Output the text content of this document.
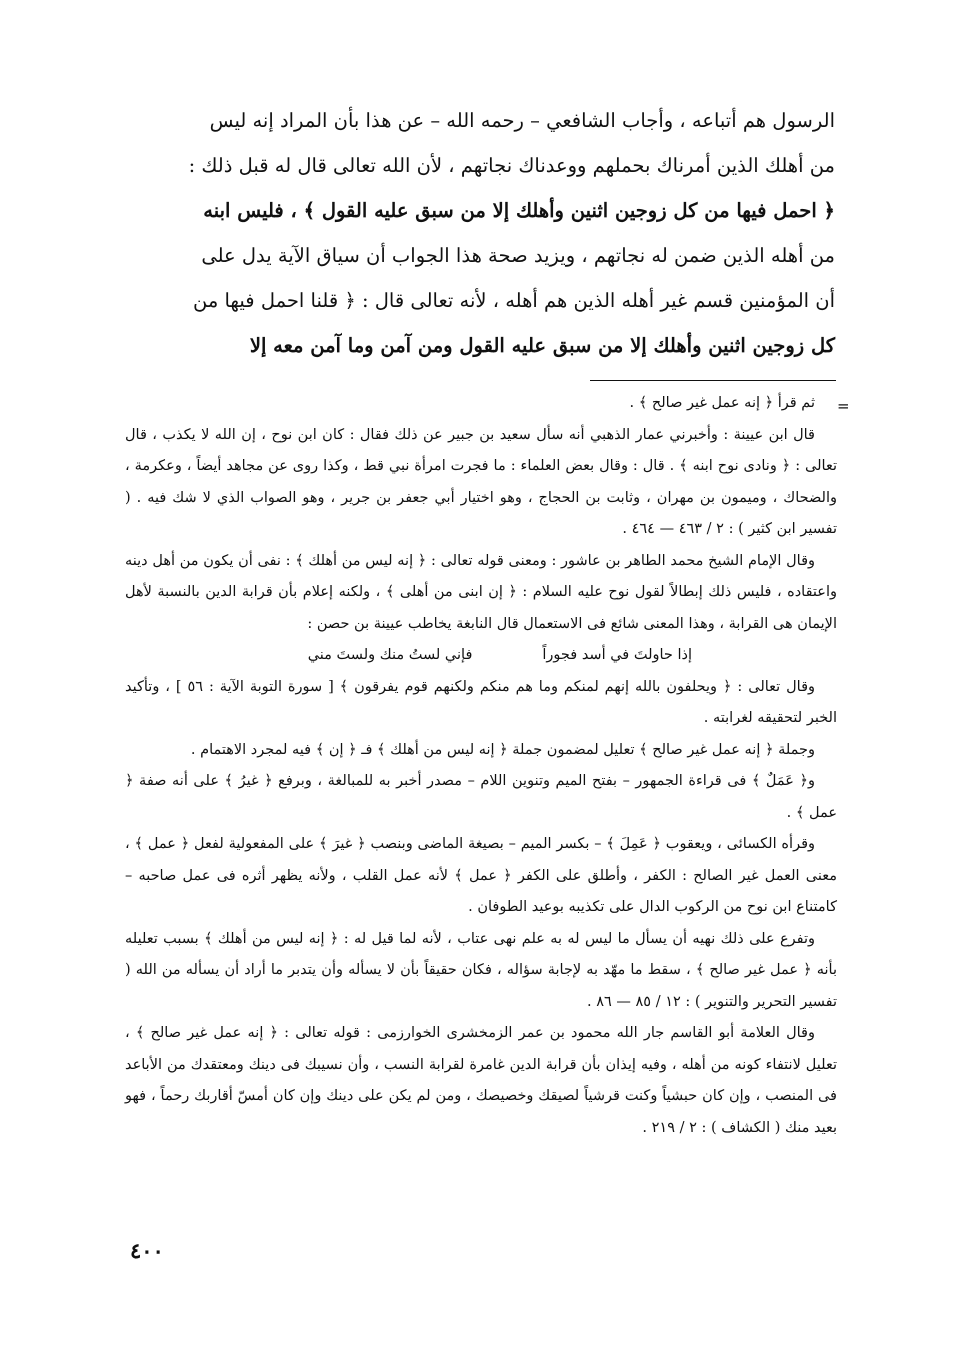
الرسول هم أتباعه ، وأجاب الشافعي – رحمه الله – عن هذا بأن المراد إنه ليس

من أهلك الذين أمرناك بحملهم ووعدناك نجاتهم ، لأن الله تعالى قال له قبل ذلك :

﴿ احمل فيها من كل زوجين اثنين وأهلك إلا من سبق عليه القول ﴾ ، فليس ابنه

من أهله الذين ضمن له نجاتهم ، ويزيد صحة هذا الجواب أن سياق الآية يدل على

أن المؤمنين قسم غير أهله الذين هم أهله ، لأنه تعالى قال : ﴿ قلنا احمل فيها من

كل زوجين اثنين وأهلك إلا من سبق عليه القول ومن آمن وما آمن معه إلا

=

ثم قرأ ﴿ إنه عمل غير صالح ﴾ .

قال ابن عيينة : وأخبرني عمار الذهبي أنه سأل سعيد بن جبير عن ذلك فقال : كان ابن نوح ، إن الله لا يكذب ، قال تعالى : ﴿ ونادى نوح ابنه ﴾ . قال : وقال بعض العلماء : ما فجرت امرأة نبي قط ، وكذا روى عن مجاهد أيضاً ، وعكرمة ، والضحاك ، وميمون بن مهران ، وثابت بن الحجاج ، وهو اختيار أبي جعفر بن جرير ، وهو الصواب الذي لا شك فيه . ( تفسير ابن كثير ) : ٢ / ٤٦٣ — ٤٦٤ .

وقال الإمام الشيخ محمد الطاهر بن عاشور : ومعنى قوله تعالى : ﴿ إنه ليس من أهلك ﴾ : نفى أن يكون من أهل دينه واعتقاده ، فليس ذلك إبطالاً لقول نوح عليه السلام : ﴿ إن ابنى من أهلى ﴾ ، ولكنه إعلام بأن قرابة الدين بالنسبة لأهل الإيمان هى القرابة ، وهذا المعنى شائع فى الاستعمال قال النابغة يخاطب عيينة بن حصن :

إذا حاولتَ في أسد فجوراً
فإني لستُ منك ولستَ مني

وقال تعالى : ﴿ ويحلفون بالله إنهم لمنكم وما هم منكم ولكنهم قوم يفرقون ﴾ [ سورة التوبة الآية : ٥٦ ] ، وتأكيد الخبر لتحقيقه لغرابته .

وجملة ﴿ إنه عمل غير صالح ﴾ تعليل لمضمون جملة ﴿ إنه ليس من أهلك ﴾ فـ ﴿ إن ﴾ فيه لمجرد الاهتمام .

و﴿ عَمَلٌ ﴾ فى قراءة الجمهور – بفتح الميم وتنوين اللام – مصدر أخبر به للمبالغة ، وبرفع ﴿ غيرُ ﴾ على أنه صفة ﴿ عمل ﴾ .

وقرأه الكسائى ، ويعقوب ﴿ عَمِلَ ﴾ – بكسر الميم – بصيغة الماضى وبنصب ﴿ غيرَ ﴾ على المفعولية لفعل ﴿ عمل ﴾ ، معنى العمل غير الصالح : الكفر ، وأطلق على الكفر ﴿ عمل ﴾ لأنه عمل القلب ، ولأنه يظهر أثره فى عمل صاحبه – كامتناع ابن نوح من الركوب الدال على تكذيبه بوعيد الطوفان .

وتفرع على ذلك نهيه أن يسأل ما ليس له به علم نهى عتاب ، لأنه لما قيل له : ﴿ إنه ليس من أهلك ﴾ بسبب تعليله بأنه ﴿ عمل غير صالح ﴾ ، سقط ما مهّد به لإجابة سؤاله ، فكان حقيقاً بأن لا يسأله وأن يتدبر ما أراد أن يسأله من الله ( تفسير التحرير والتنوير ) : ١٢ / ٨٥ — ٨٦ .

وقال العلامة أبو القاسم جار الله محمود بن عمر الزمخشرى الخوارزمى : قوله تعالى : ﴿ إنه عمل غير صالح ﴾ ، تعليل لانتفاء كونه من أهله ، وفيه إيذان بأن قرابة الدين غامرة لقرابة النسب ، وأن نسيبك فى دينك ومعتقدك من الأباعد فى المنصب ، وإن كان حبشياً وكنت قرشياً لصيقك وخصيصك ، ومن لم يكن على دينك وإن كان أمسّ أقاربك رحماً ، فهو بعيد منك ( الكشاف ) : ٢ / ٢١٩ .

٤٠٠
